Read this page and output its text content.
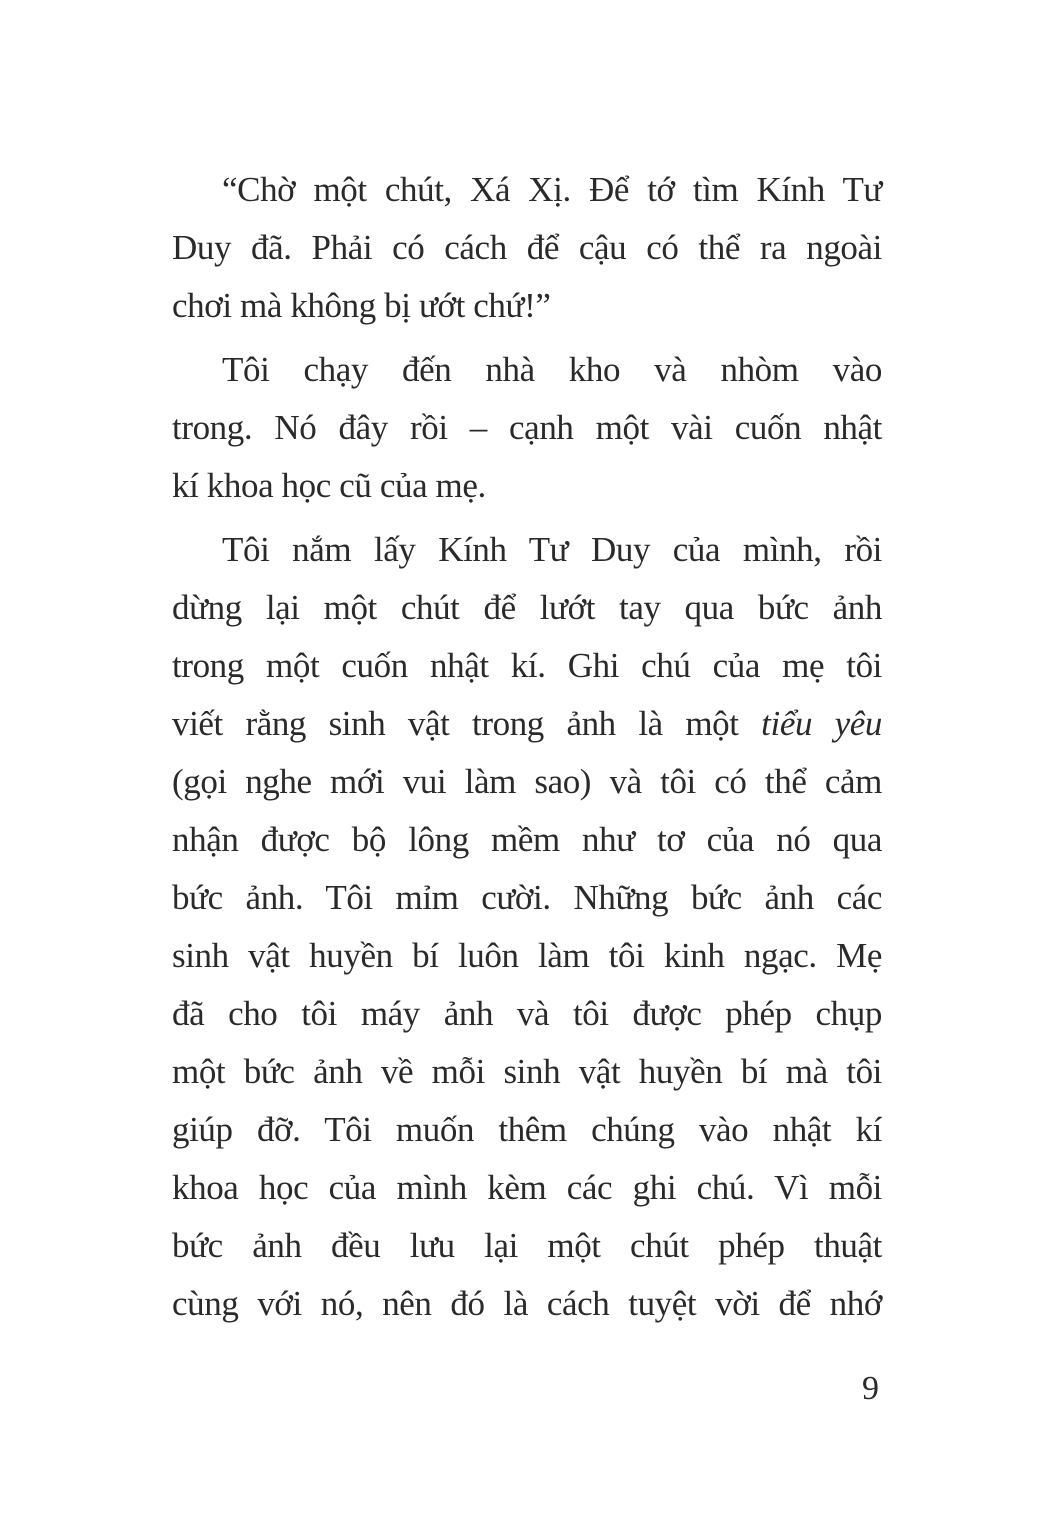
“Chờ một chút, Xá Xị. Để tớ tìm Kính Tư
Duy đã. Phải có cách để cậu có thể ra ngoài
chơi mà không bị ướt chứ!”
Tôi chạy đến nhà kho và nhòm vào
trong. Nó đây rồi – cạnh một vài cuốn nhật
kí khoa học cũ của mẹ.
Tôi nắm lấy Kính Tư Duy của mình, rồi
dừng lại một chút để lướt tay qua bức ảnh
trong một cuốn nhật kí. Ghi chú của mẹ tôi
viết rằng sinh vật trong ảnh là một tiểu yêu
(gọi nghe mới vui làm sao) và tôi có thể cảm
nhận được bộ lông mềm như tơ của nó qua
bức ảnh. Tôi mỉm cười. Những bức ảnh các
sinh vật huyền bí luôn làm tôi kinh ngạc. Mẹ
đã cho tôi máy ảnh và tôi được phép chụp
một bức ảnh về mỗi sinh vật huyền bí mà tôi
giúp đỡ. Tôi muốn thêm chúng vào nhật kí
khoa học của mình kèm các ghi chú. Vì mỗi
bức ảnh đều lưu lại một chút phép thuật
cùng với nó, nên đó là cách tuyệt vời để nhớ
9
